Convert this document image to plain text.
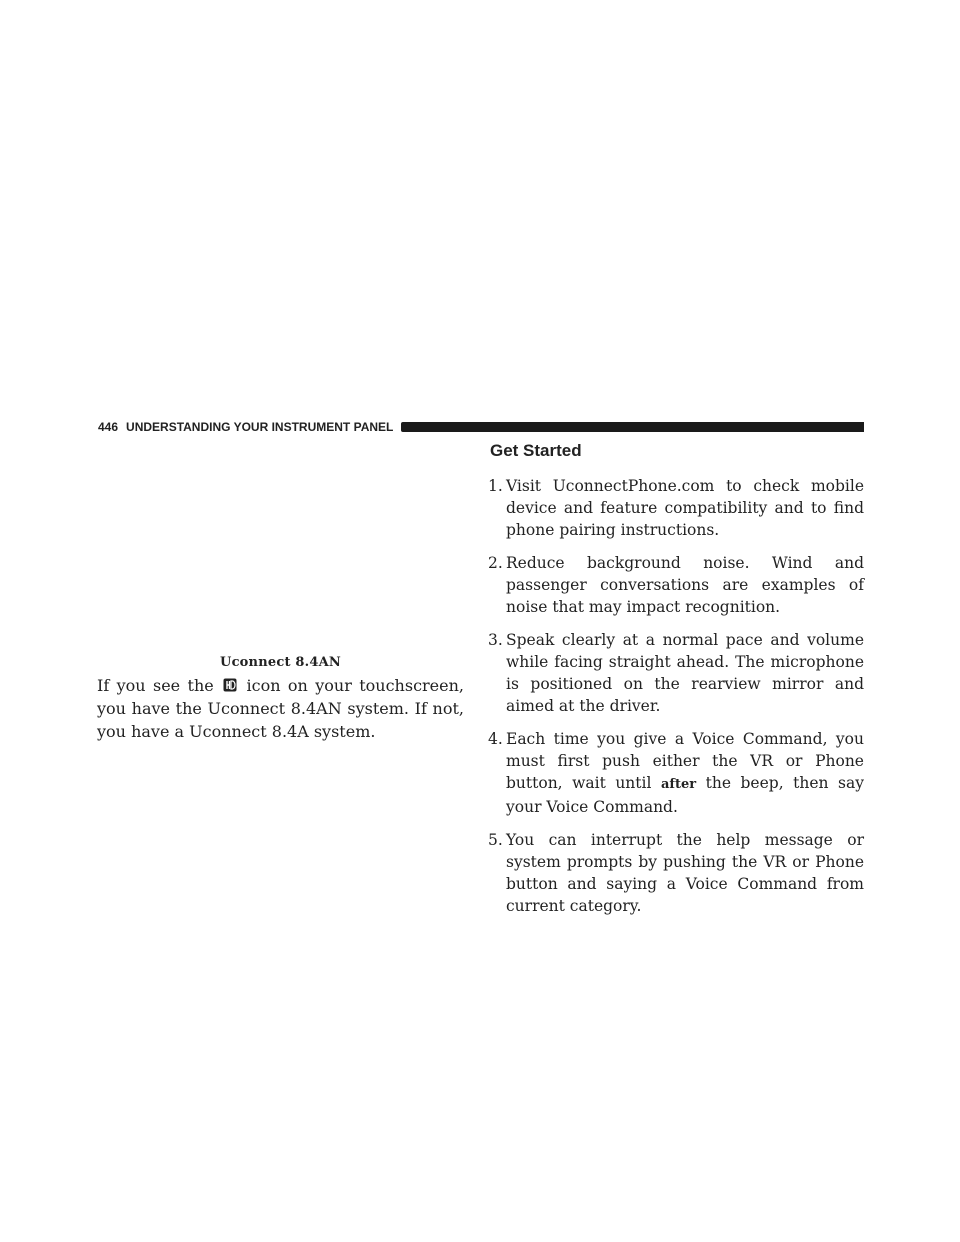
446 UNDERSTANDING YOUR INSTRUMENT PANEL
Uconnect 8.4AN
If you see the icon on your touchscreen, you have the Uconnect 8.4AN system. If not, you have a Uconnect 8.4A system.
Get Started
1. Visit UconnectPhone.com to check mobile device and feature compatibility and to find phone pairing instructions.
2. Reduce background noise. Wind and passenger conversations are examples of noise that may impact recognition.
3. Speak clearly at a normal pace and volume while facing straight ahead. The microphone is positioned on the rearview mirror and aimed at the driver.
4. Each time you give a Voice Command, you must first push either the VR or Phone button, wait until after the beep, then say your Voice Command.
5. You can interrupt the help message or system prompts by pushing the VR or Phone button and saying a Voice Command from current category.
